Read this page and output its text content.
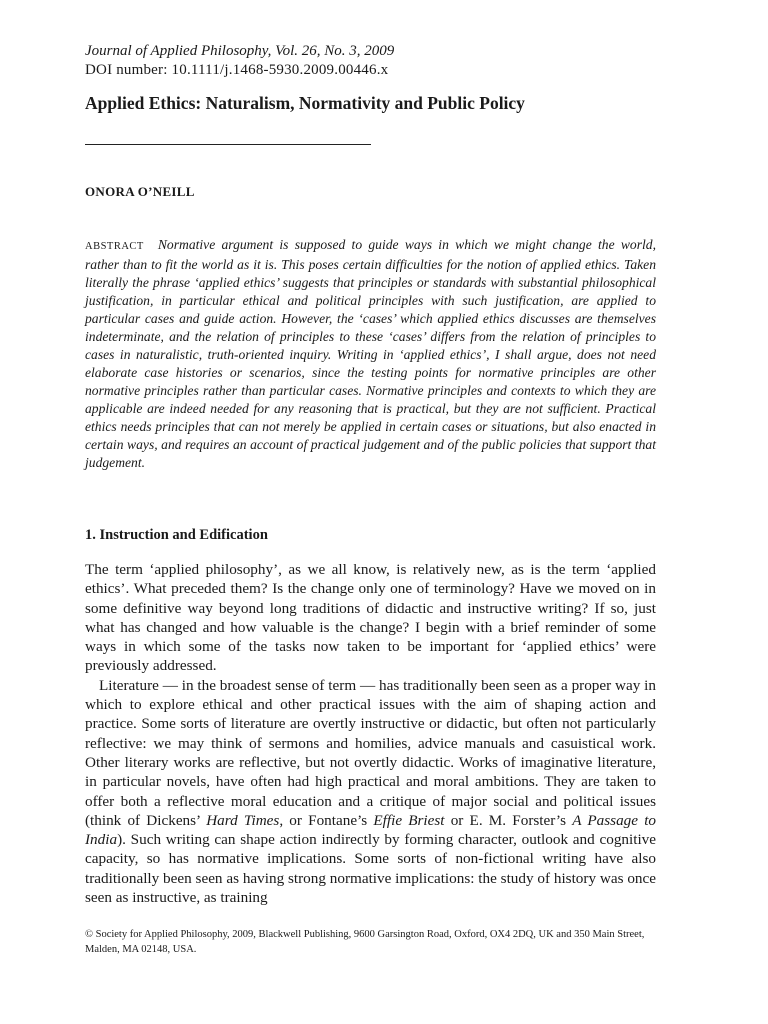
Journal of Applied Philosophy, Vol. 26, No. 3, 2009

DOI number: 10.1111/j.1468-5930.2009.00446.x

Applied Ethics: Naturalism, Normativity and Public Policy

ONORA O’NEILL

ABSTRACT Normative argument is supposed to guide ways in which we might change the world, rather than to fit the world as it is. This poses certain difficulties for the notion of applied ethics. Taken literally the phrase ‘applied ethics’ suggests that principles or standards with substantial philosophical justification, in particular ethical and political principles with such justification, are applied to particular cases and guide action. However, the ‘cases’ which applied ethics discusses are themselves indeterminate, and the relation of principles to these ‘cases’ differs from the relation of principles to cases in naturalistic, truth-oriented inquiry. Writing in ‘applied ethics’, I shall argue, does not need elaborate case histories or scenarios, since the testing points for normative principles are other normative principles rather than particular cases. Normative principles and contexts to which they are applicable are indeed needed for any reasoning that is practical, but they are not sufficient. Practical ethics needs principles that can not merely be applied in certain cases or situations, but also enacted in certain ways, and requires an account of practical judgement and of the public policies that support that judgement.

1. Instruction and Edification

The term ‘applied philosophy’, as we all know, is relatively new, as is the term ‘applied ethics’. What preceded them? Is the change only one of terminology? Have we moved on in some definitive way beyond long traditions of didactic and instructive writing? If so, just what has changed and how valuable is the change? I begin with a brief reminder of some ways in which some of the tasks now taken to be important for ‘applied ethics’ were previously addressed.

Literature — in the broadest sense of term — has traditionally been seen as a proper way in which to explore ethical and other practical issues with the aim of shaping action and practice. Some sorts of literature are overtly instructive or didactic, but often not particularly reflective: we may think of sermons and homilies, advice manuals and casuistical work. Other literary works are reflective, but not overtly didactic. Works of imaginative literature, in particular novels, have often had high practical and moral ambitions. They are taken to offer both a reflective moral education and a critique of major social and political issues (think of Dickens’ Hard Times, or Fontane’s Effie Briest or E. M. Forster’s A Passage to India). Such writing can shape action indirectly by forming character, outlook and cognitive capacity, so has normative implications. Some sorts of non-fictional writing have also traditionally been seen as having strong normative implications: the study of history was once seen as instructive, as training

© Society for Applied Philosophy, 2009, Blackwell Publishing, 9600 Garsington Road, Oxford, OX4 2DQ, UK and 350 Main Street, Malden, MA 02148, USA.
